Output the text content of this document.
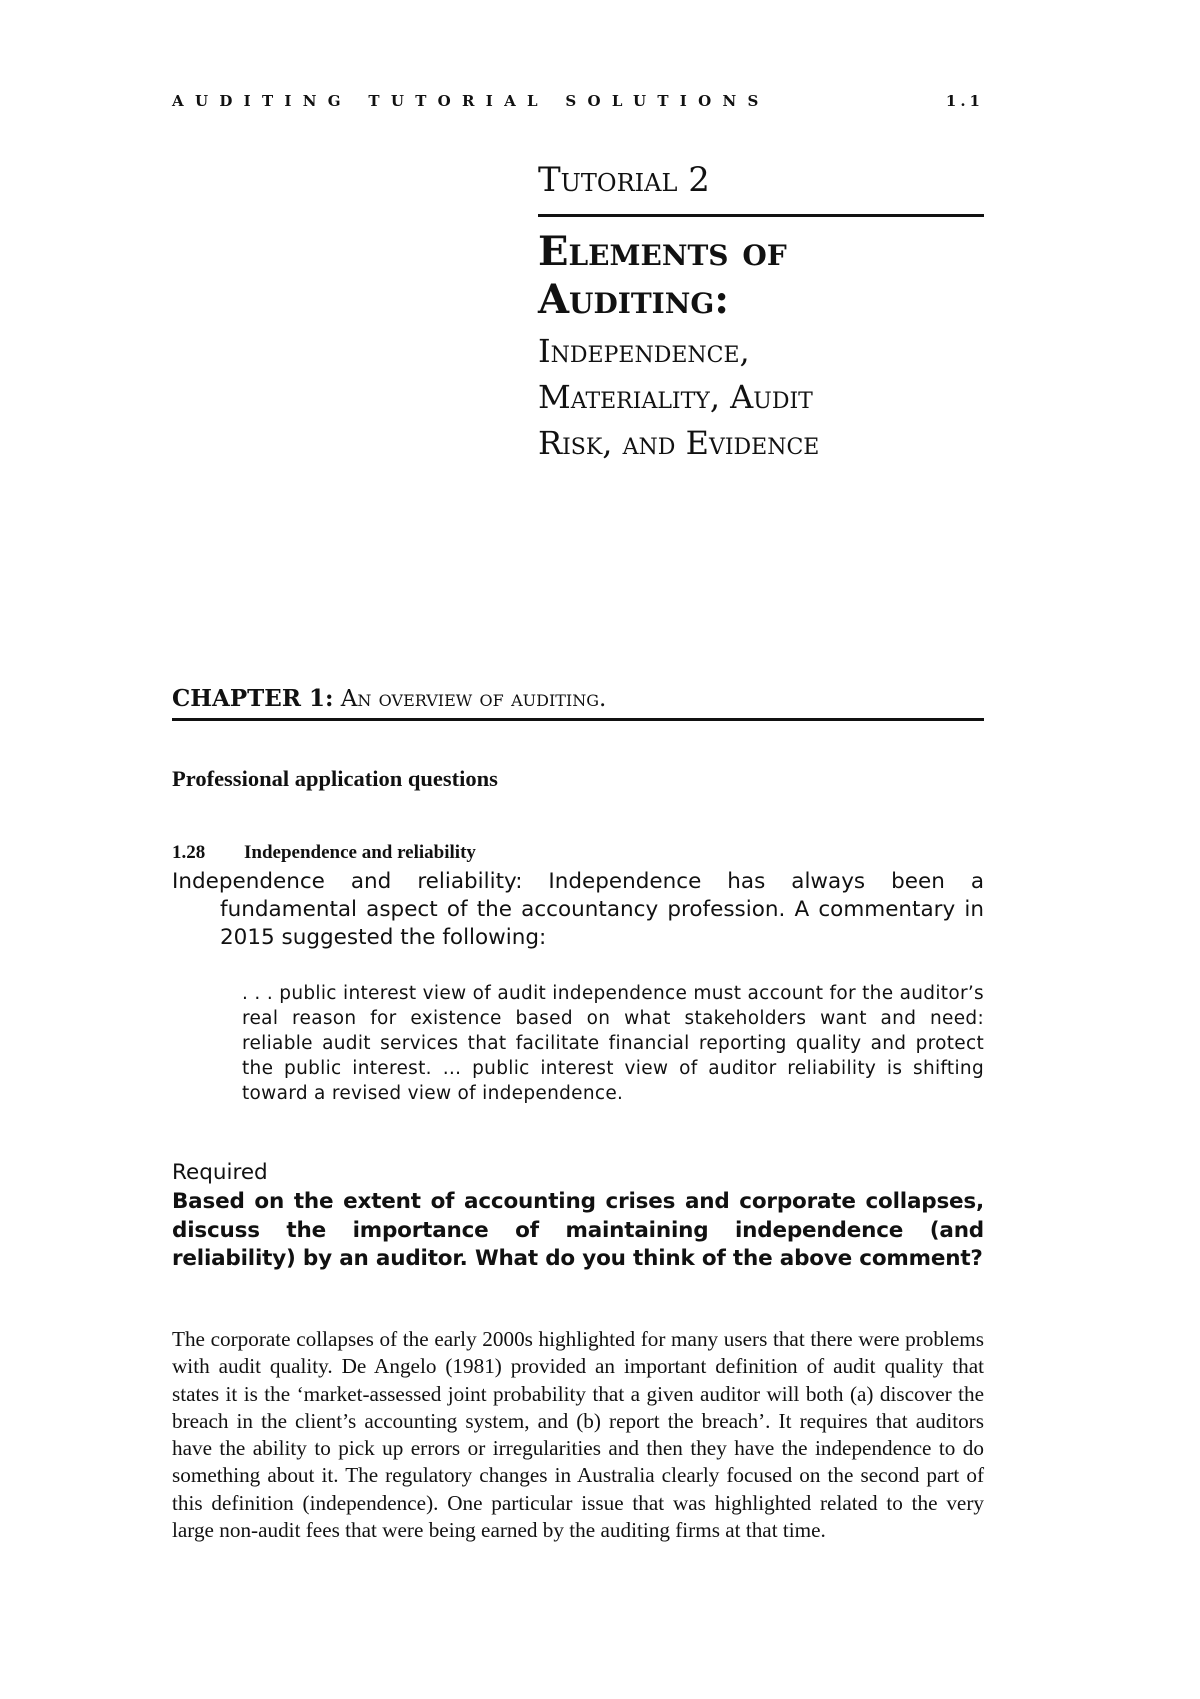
AUDITING TUTORIAL SOLUTIONS	1.1
Tutorial 2
Elements of
Auditing:
Independence,
Materiality, Audit
Risk, and Evidence
CHAPTER 1: An overview of auditing.
Professional application questions
1.28 Independence and reliability
Independence and reliability: Independence has always been a fundamental aspect of the accountancy profession. A commentary in 2015 suggested the following:
. . . public interest view of audit independence must account for the auditor’s real reason for existence based on what stakeholders want and need: reliable audit services that facilitate financial reporting quality and protect the public interest. … public interest view of auditor reliability is shifting toward a revised view of independence.
Required
Based on the extent of accounting crises and corporate collapses, discuss the importance of maintaining independence (and reliability) by an auditor. What do you think of the above comment?
The corporate collapses of the early 2000s highlighted for many users that there were problems with audit quality. De Angelo (1981) provided an important definition of audit quality that states it is the ‘market-assessed joint probability that a given auditor will both (a) discover the breach in the client’s accounting system, and (b) report the breach’. It requires that auditors have the ability to pick up errors or irregularities and then they have the independence to do something about it. The regulatory changes in Australia clearly focused on the second part of this definition (independence). One particular issue that was highlighted related to the very large non-audit fees that were being earned by the auditing firms at that time.
